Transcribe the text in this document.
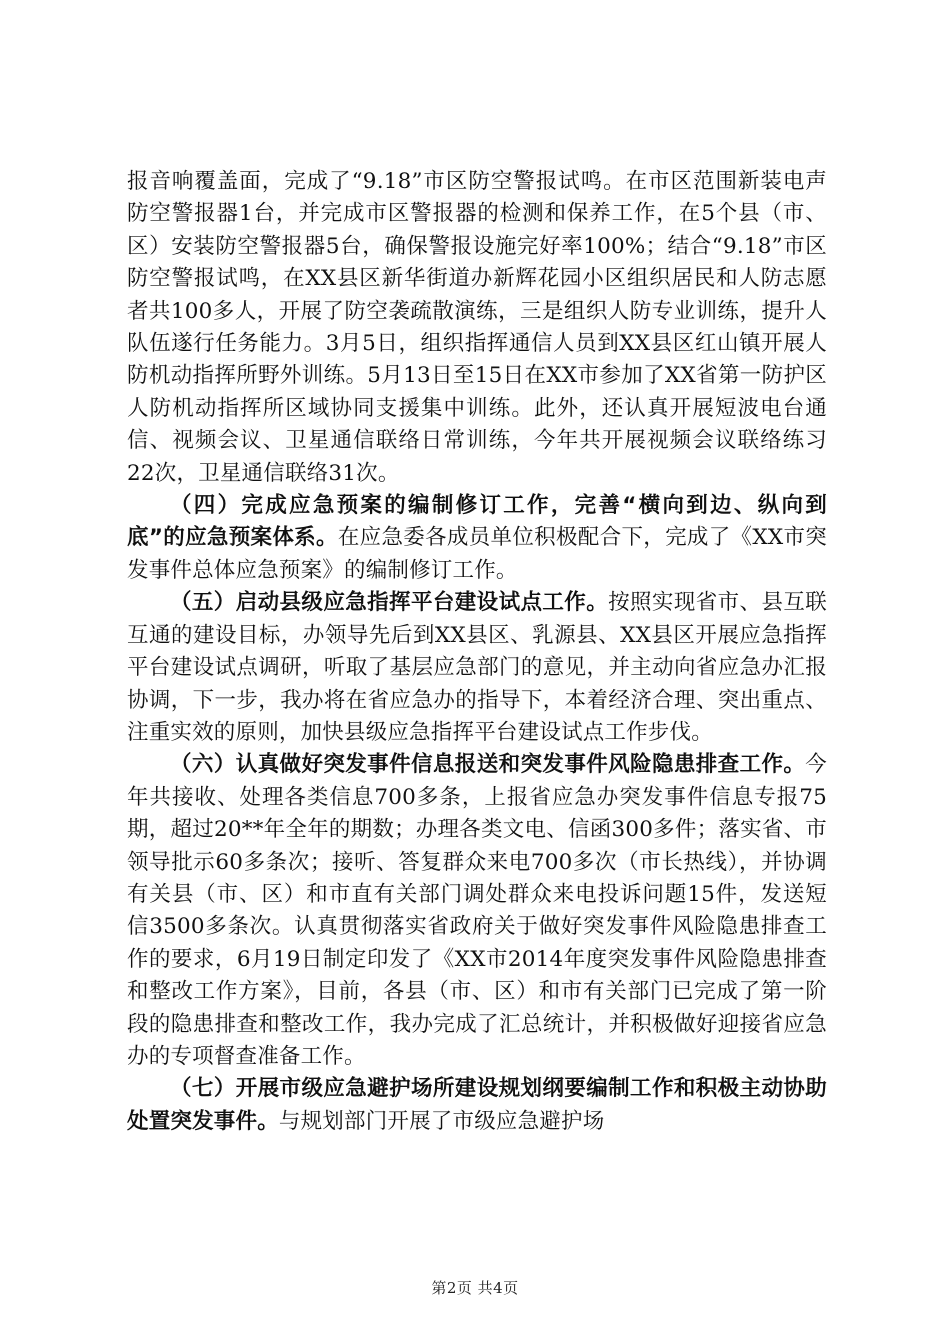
报音响覆盖面，完成了“9.18”市区防空警报试鸣。在市区范围新装电声防空警报器1台，并完成市区警报器的检测和保养工作，在5个县（市、区）安装防空警报器5台，确保警报设施完好率100%；结合“9.18”市区防空警报试鸣，在XX县区新华街道办新辉花园小区组织居民和人防志愿者共100多人，开展了防空袭疏散演练，三是组织人防专业训练，提升人队伍遂行任务能力。3月5日，组织指挥通信人员到XX县区红山镇开展人防机动指挥所野外训练。5月13日至15日在XX市参加了XX省第一防护区人防机动指挥所区域协同支援集中训练。此外，还认真开展短波电台通信、视频会议、卫星通信联络日常训练，今年共开展视频会议联络练习22次，卫星通信联络31次。

（四）完成应急预案的编制修订工作，完善“横向到边、纵向到底”的应急预案体系。在应急委各成员单位积极配合下，完成了《XX市突发事件总体应急预案》的编制修订工作。

（五）启动县级应急指挥平台建设试点工作。按照实现省市、县互联互通的建设目标，办领导先后到XX县区、乳源县、XX县区开展应急指挥平台建设试点调研，听取了基层应急部门的意见，并主动向省应急办汇报协调，下一步，我办将在省应急办的指导下，本着经济合理、突出重点、注重实效的原则，加快县级应急指挥平台建设试点工作步伐。

（六）认真做好突发事件信息报送和突发事件风险隐患排查工作。今年共接收、处理各类信息700多条，上报省应急办突发事件信息专报75期，超过20**年全年的期数；办理各类文电、信函300多件；落实省、市领导批示60多条次；接听、答复群众来电700多次（市长热线），并协调有关县（市、区）和市直有关部门调处群众来电投诉问题15件，发送短信3500多条次。认真贯彻落实省政府关于做好突发事件风险隐患排查工作的要求，6月19日制定印发了《XX市2014年度突发事件风险隐患排查和整改工作方案》，目前，各县（市、区）和市有关部门已完成了第一阶段的隐患排查和整改工作，我办完成了汇总统计，并积极做好迎接省应急办的专项督查准备工作。

（七）开展市级应急避护场所建设规划纲要编制工作和积极主动协助处置突发事件。与规划部门开展了市级应急避护场

第2页 共4页
